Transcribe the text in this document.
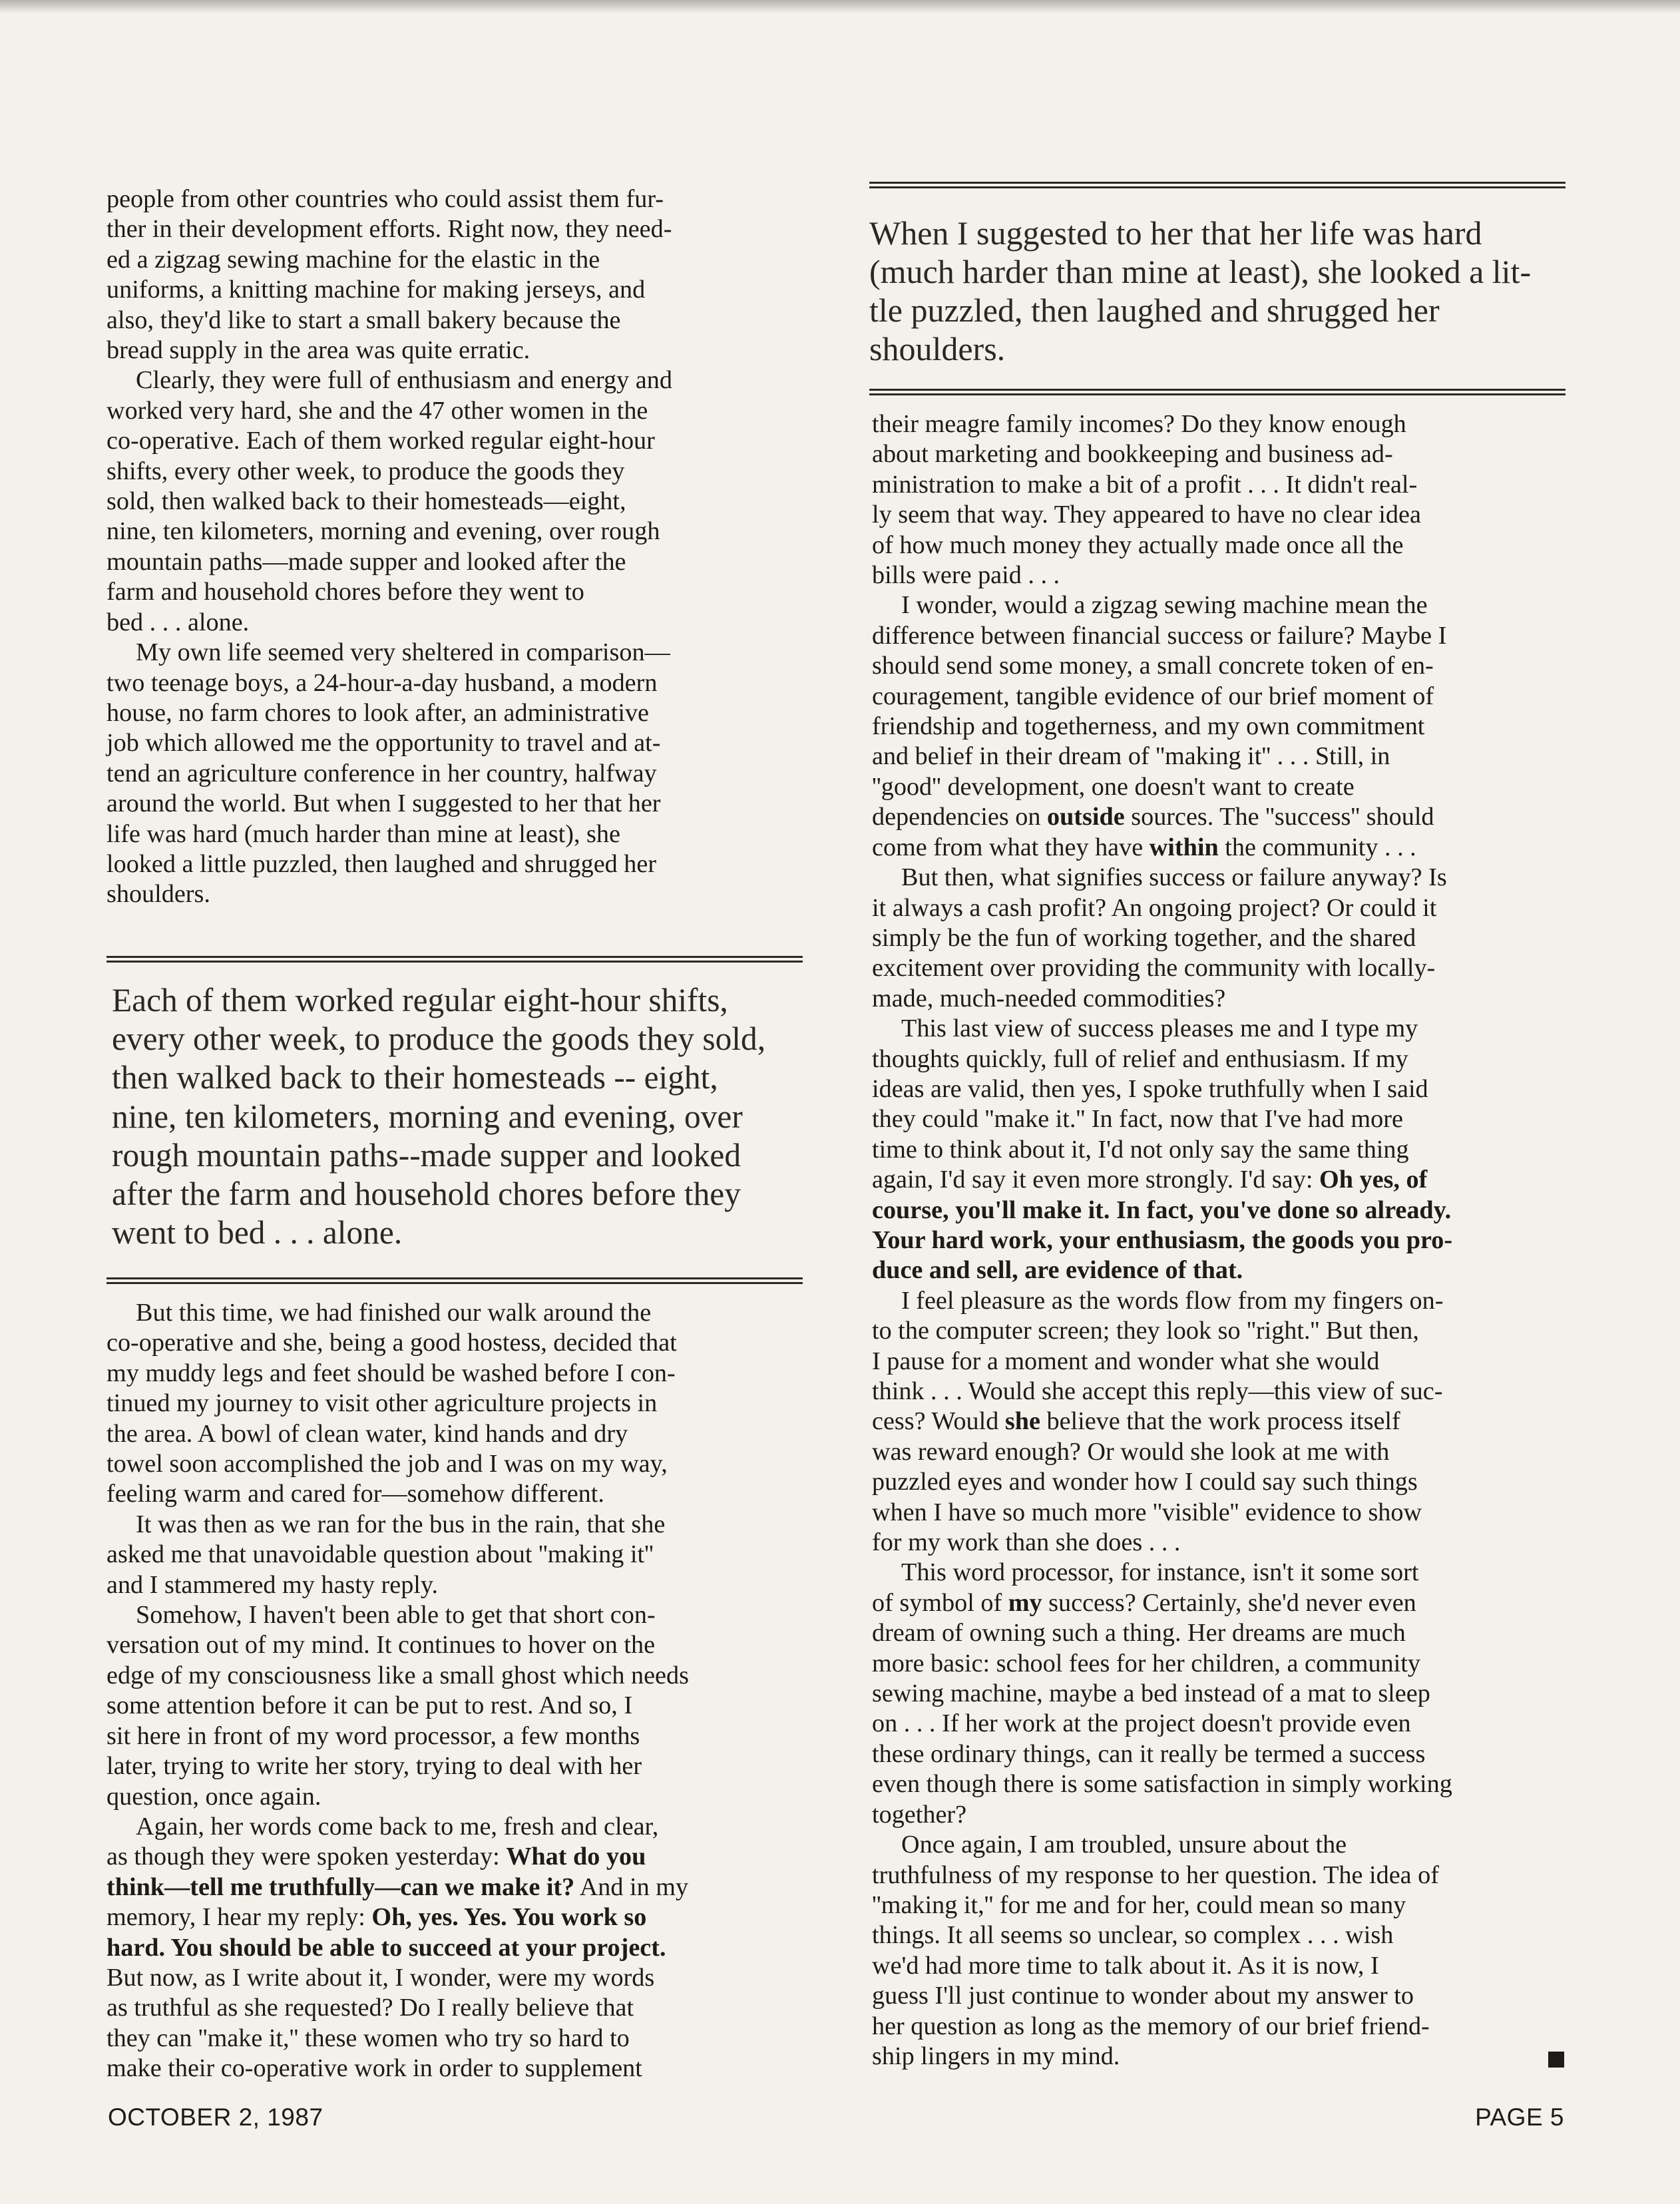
people from other countries who could assist them fur-
ther in their development efforts. Right now, they need-
ed a zigzag sewing machine for the elastic in the
uniforms, a knitting machine for making jerseys, and
also, they'd like to start a small bakery because the
bread supply in the area was quite erratic.

Clearly, they were full of enthusiasm and energy and
worked very hard, she and the 47 other women in the
co-operative. Each of them worked regular eight-hour
shifts, every other week, to produce the goods they
sold, then walked back to their homesteads—eight,
nine, ten kilometers, morning and evening, over rough
mountain paths—made supper and looked after the
farm and household chores before they went to
bed . . . alone.

My own life seemed very sheltered in comparison—
two teenage boys, a 24-hour-a-day husband, a modern
house, no farm chores to look after, an administrative
job which allowed me the opportunity to travel and at-
tend an agriculture conference in her country, halfway
around the world. But when I suggested to her that her
life was hard (much harder than mine at least), she
looked a little puzzled, then laughed and shrugged her
shoulders.

Each of them worked regular eight-hour shifts,
every other week, to produce the goods they sold,
then walked back to their homesteads -- eight,
nine, ten kilometers, morning and evening, over
rough mountain paths--made supper and looked
after the farm and household chores before they
went to bed . . . alone.

But this time, we had finished our walk around the
co-operative and she, being a good hostess, decided that
my muddy legs and feet should be washed before I con-
tinued my journey to visit other agriculture projects in
the area. A bowl of clean water, kind hands and dry
towel soon accomplished the job and I was on my way,
feeling warm and cared for—somehow different.

It was then as we ran for the bus in the rain, that she
asked me that unavoidable question about ''making it''
and I stammered my hasty reply.

Somehow, I haven't been able to get that short con-
versation out of my mind. It continues to hover on the
edge of my consciousness like a small ghost which needs
some attention before it can be put to rest. And so, I
sit here in front of my word processor, a few months
later, trying to write her story, trying to deal with her
question, once again.

Again, her words come back to me, fresh and clear,
as though they were spoken yesterday: What do you
think—tell me truthfully—can we make it? And in my
memory, I hear my reply: Oh, yes. Yes. You work so
hard. You should be able to succeed at your project.
But now, as I write about it, I wonder, were my words
as truthful as she requested? Do I really believe that
they can ''make it,'' these women who try so hard to
make their co-operative work in order to supplement

When I suggested to her that her life was hard
(much harder than mine at least), she looked a lit-
tle puzzled, then laughed and shrugged her
shoulders.

their meagre family incomes? Do they know enough
about marketing and bookkeeping and business ad-
ministration to make a bit of a profit . . . It didn't real-
ly seem that way. They appeared to have no clear idea
of how much money they actually made once all the
bills were paid . . .

I wonder, would a zigzag sewing machine mean the
difference between financial success or failure? Maybe I
should send some money, a small concrete token of en-
couragement, tangible evidence of our brief moment of
friendship and togetherness, and my own commitment
and belief in their dream of ''making it'' . . . Still, in
''good'' development, one doesn't want to create
dependencies on outside sources. The ''success'' should
come from what they have within the community . . .

But then, what signifies success or failure anyway? Is
it always a cash profit? An ongoing project? Or could it
simply be the fun of working together, and the shared
excitement over providing the community with locally-
made, much-needed commodities?

This last view of success pleases me and I type my
thoughts quickly, full of relief and enthusiasm. If my
ideas are valid, then yes, I spoke truthfully when I said
they could ''make it.'' In fact, now that I've had more
time to think about it, I'd not only say the same thing
again, I'd say it even more strongly. I'd say: Oh yes, of
course, you'll make it. In fact, you've done so already.
Your hard work, your enthusiasm, the goods you pro-
duce and sell, are evidence of that.

I feel pleasure as the words flow from my fingers on-
to the computer screen; they look so ''right.'' But then,
I pause for a moment and wonder what she would
think . . . Would she accept this reply—this view of suc-
cess? Would she believe that the work process itself
was reward enough? Or would she look at me with
puzzled eyes and wonder how I could say such things
when I have so much more ''visible'' evidence to show
for my work than she does . . .

This word processor, for instance, isn't it some sort
of symbol of my success? Certainly, she'd never even
dream of owning such a thing. Her dreams are much
more basic: school fees for her children, a community
sewing machine, maybe a bed instead of a mat to sleep
on . . . If her work at the project doesn't provide even
these ordinary things, can it really be termed a success
even though there is some satisfaction in simply working
together?

Once again, I am troubled, unsure about the
truthfulness of my response to her question. The idea of
''making it,'' for me and for her, could mean so many
things. It all seems so unclear, so complex . . . wish
we'd had more time to talk about it. As it is now, I
guess I'll just continue to wonder about my answer to
her question as long as the memory of our brief friend-
ship lingers in my mind.

OCTOBER 2, 1987	PAGE 5
